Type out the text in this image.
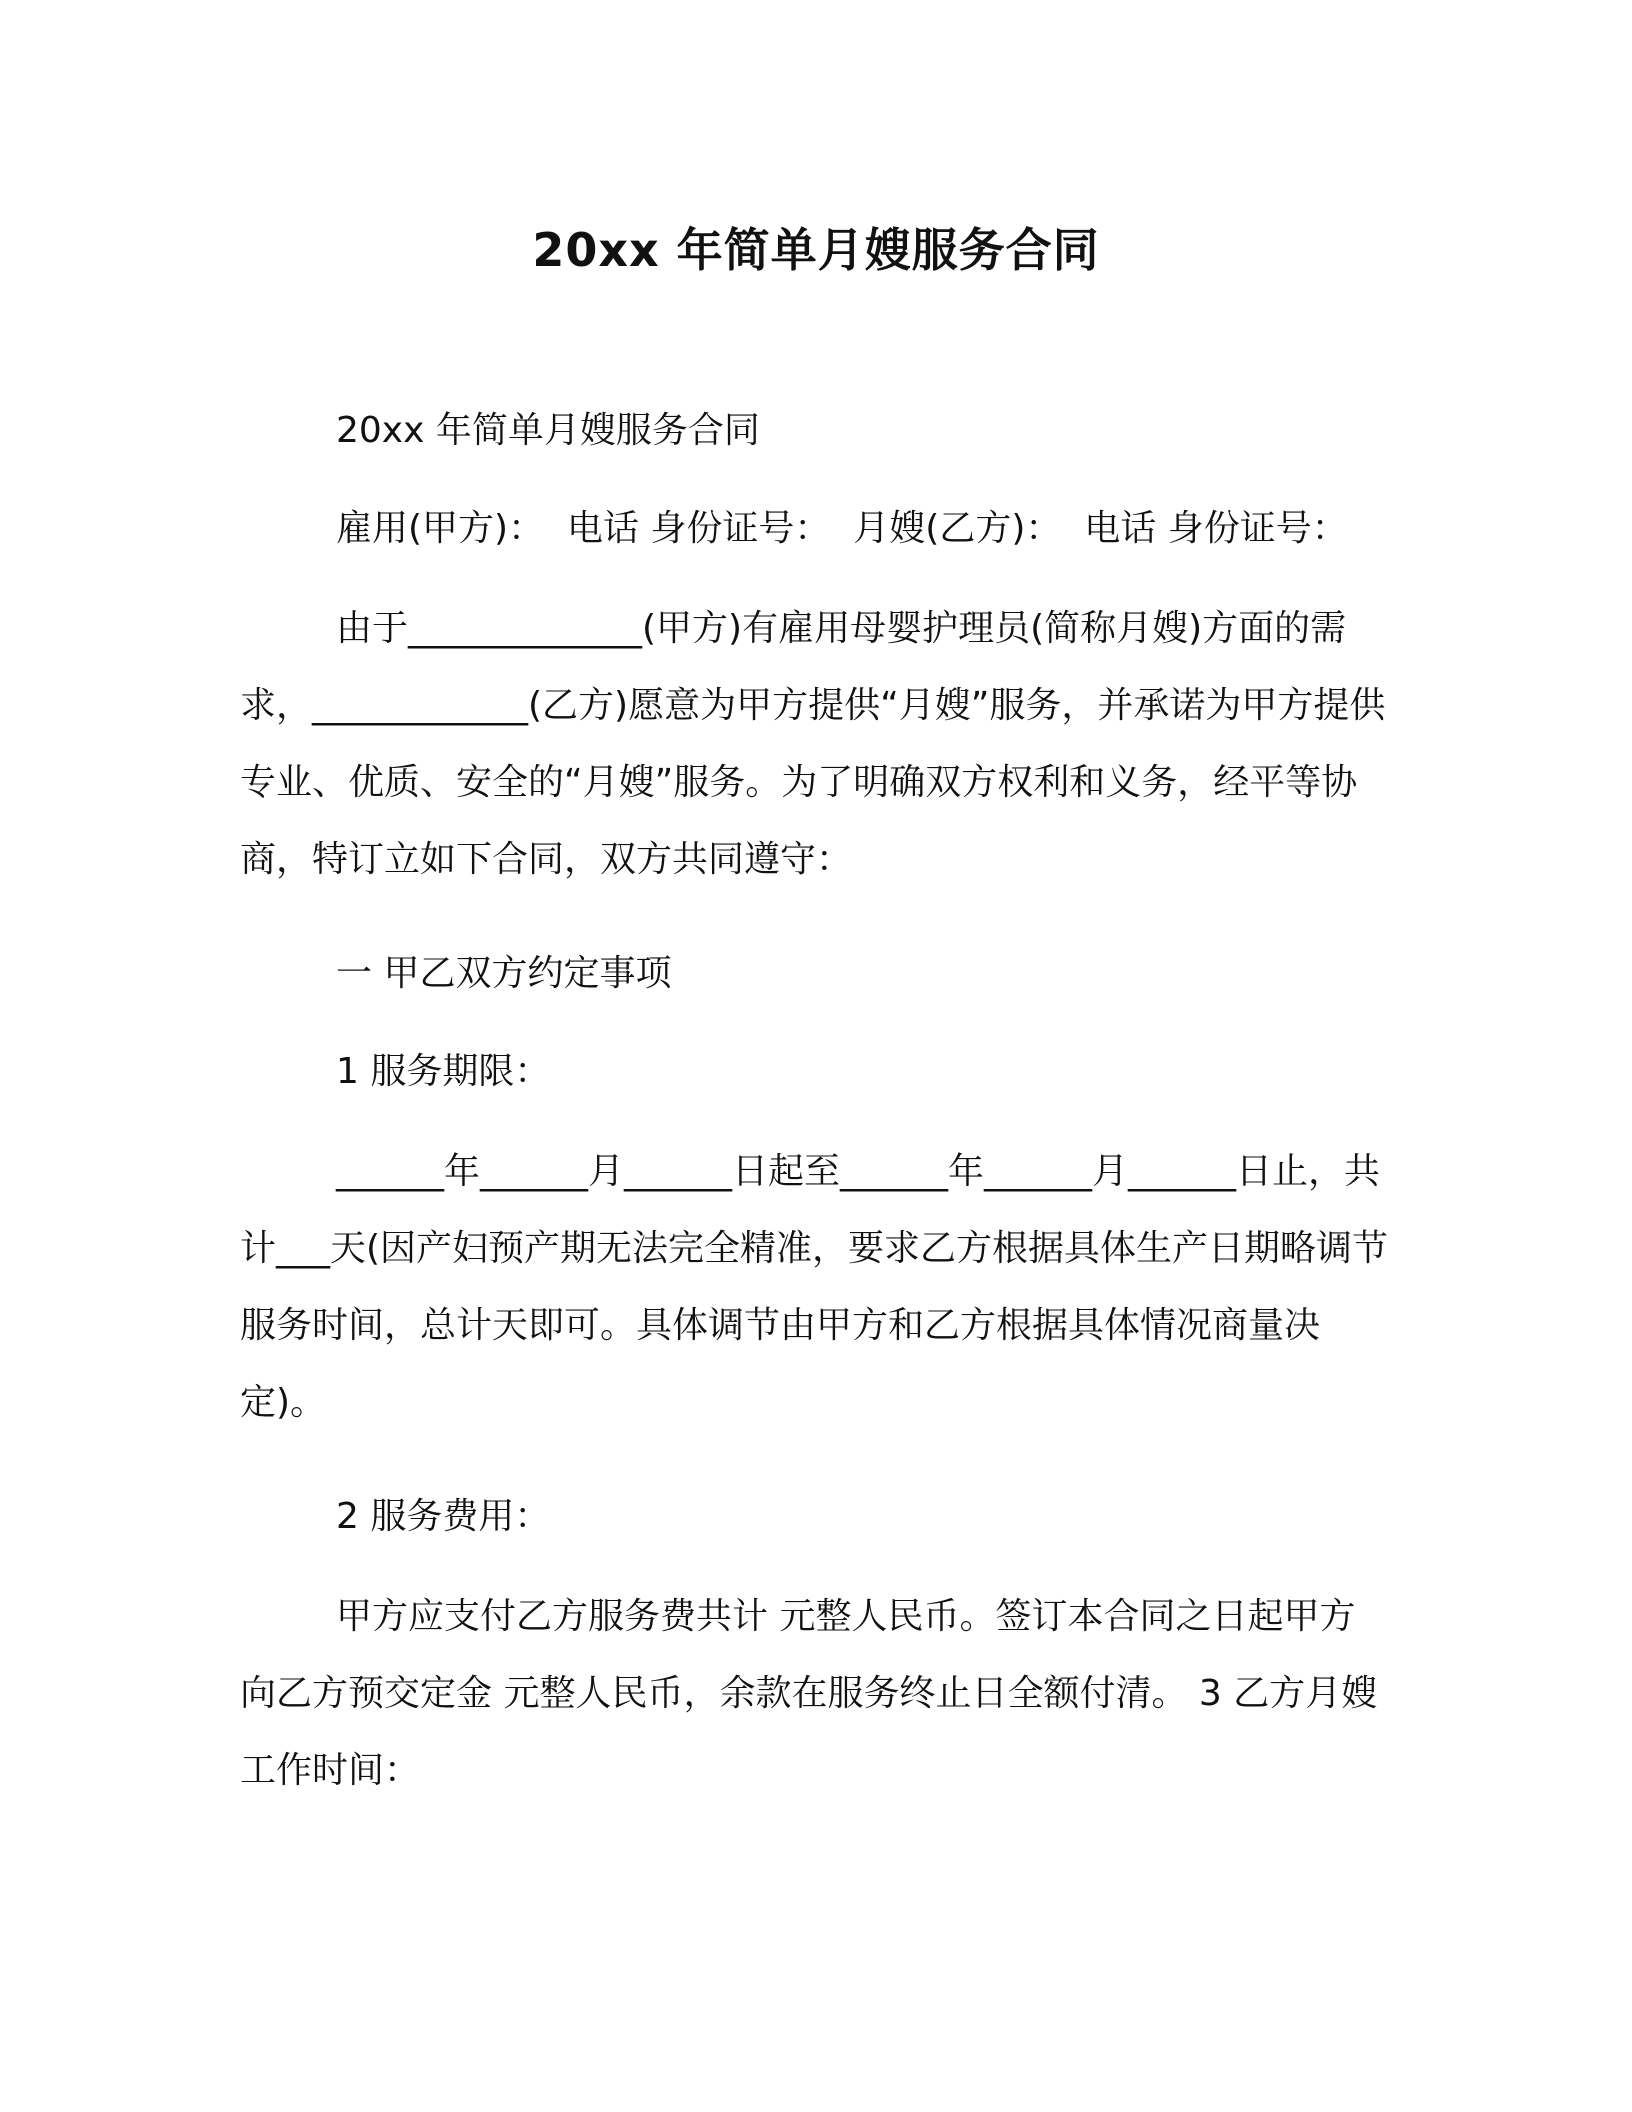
20xx 年简单月嫂服务合同
20xx 年简单月嫂服务合同
雇用(甲方)：  电话 身份证号：  月嫂(乙方)：  电话 身份证号：
由于_____________(甲方)有雇用母婴护理员(简称月嫂)方面的需求，____________(乙方)愿意为甲方提供“月嫂”服务，并承诺为甲方提供专业、优质、安全的“月嫂”服务。为了明确双方权利和义务，经平等协商，特订立如下合同，双方共同遵守：
一 甲乙双方约定事项
1 服务期限：
______年______月______日起至______年______月______日止，共计___天(因产妇预产期无法完全精准，要求乙方根据具体生产日期略调节服务时间，总计天即可。具体调节由甲方和乙方根据具体情况商量决定)。
2 服务费用：
甲方应支付乙方服务费共计 元整人民币。签订本合同之日起甲方向乙方预交定金 元整人民币，余款在服务终止日全额付清。 3 乙方月嫂工作时间：
